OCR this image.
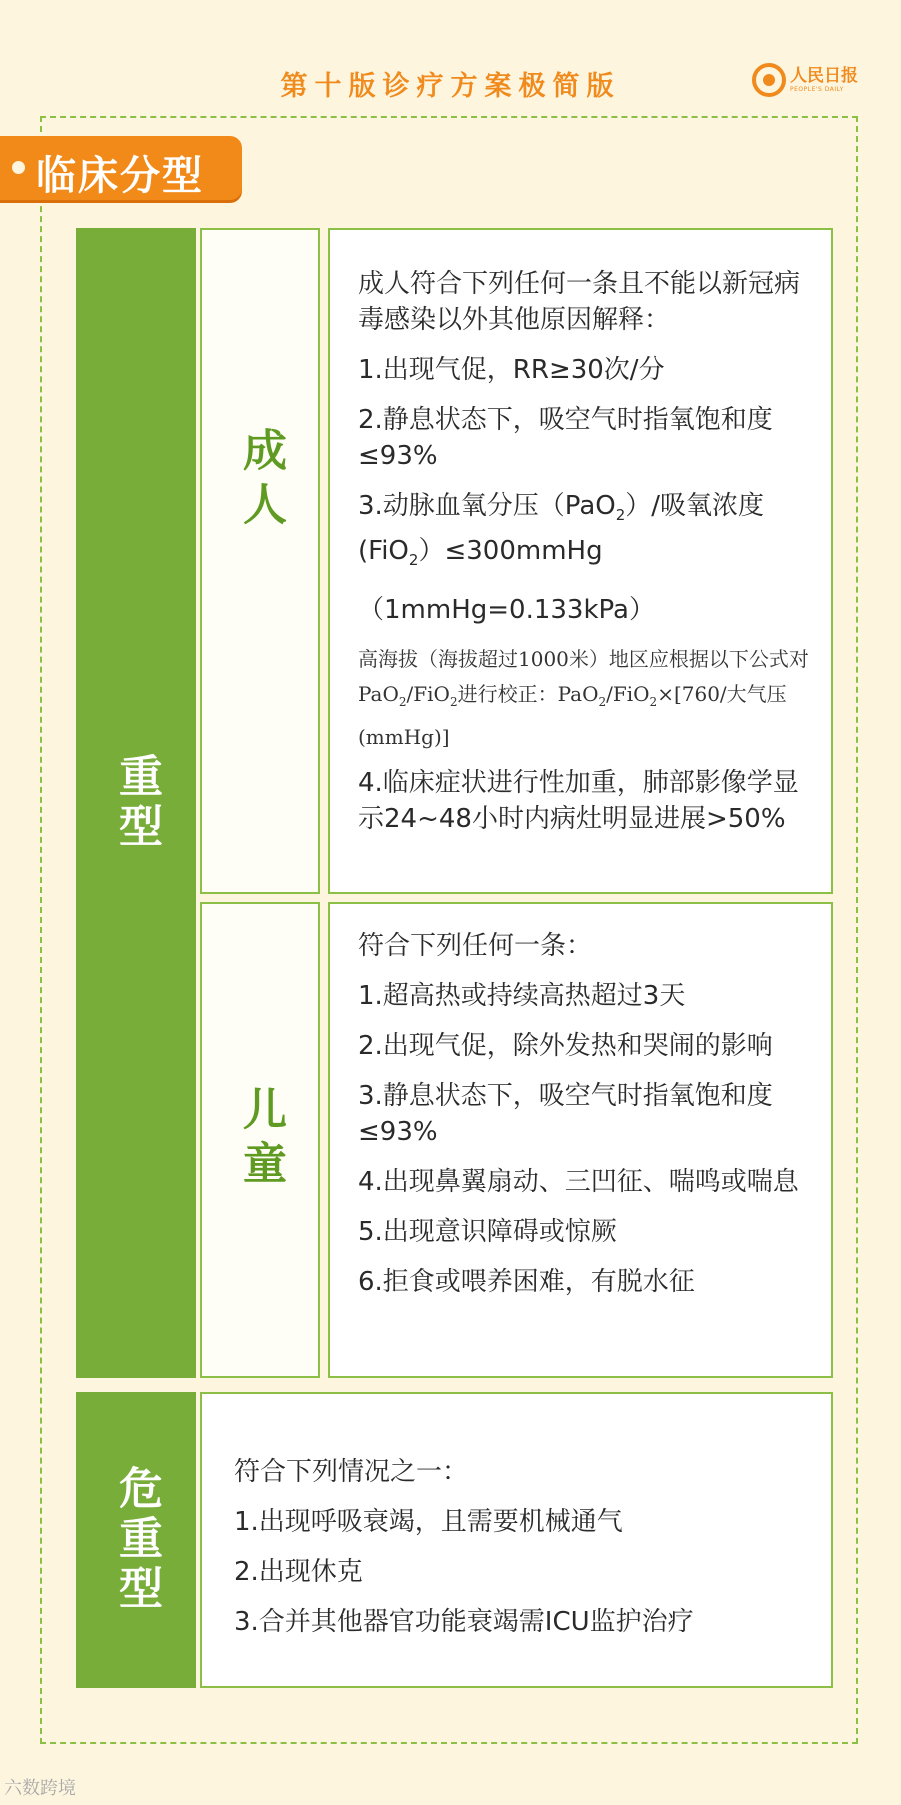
第十版诊疗方案极简版	人民日报
PEOPLE'S DAILY
临床分型
重型
成人
成人符合下列任何一条且不能以新冠病毒感染以外其他原因解释：
1.出现气促，RR≥30次/分
2.静息状态下，吸空气时指氧饱和度≤93%
3.动脉血氧分压（PaO$_2$）/吸氧浓度(FiO$_2$）≤300mmHg
（1mmHg=0.133kPa）
高海拔（海拔超过1000米）地区应根据以下公式对PaO$_2$/FiO$_2$进行校正：PaO$_2$/FiO$_2$×[760/大气压(mmHg)]
4.临床症状进行性加重，肺部影像学显示24~48小时内病灶明显进展>50%
儿童
符合下列任何一条：
1.超高热或持续高热超过3天
2.出现气促，除外发热和哭闹的影响
3.静息状态下，吸空气时指氧饱和度≤93%
4.出现鼻翼扇动、三凹征、喘鸣或喘息
5.出现意识障碍或惊厥
6.拒食或喂养困难，有脱水征
危重型	符合下列情况之一：
1.出现呼吸衰竭，且需要机械通气
2.出现休克
3.合并其他器官功能衰竭需ICU监护治疗
六数跨境
